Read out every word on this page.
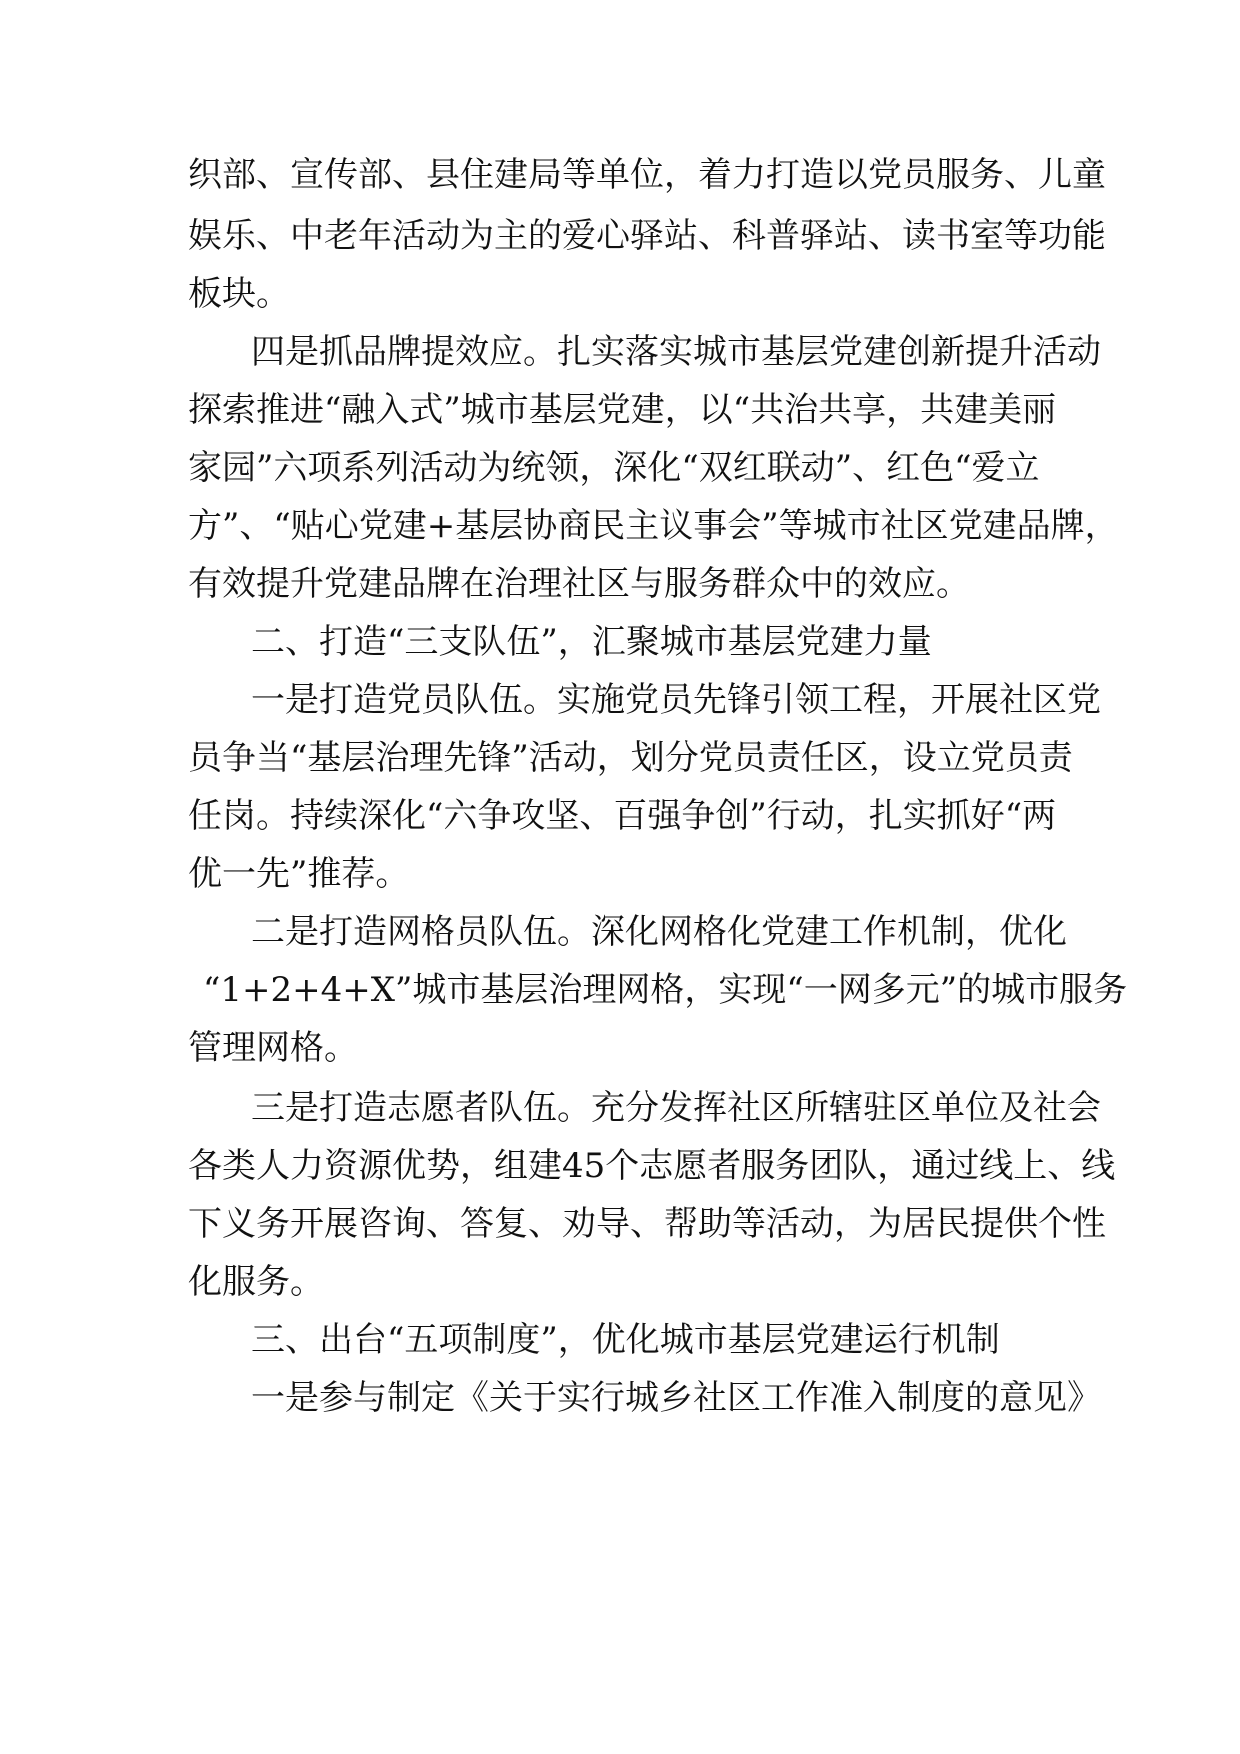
织部、宣传部、县住建局等单位，着力打造以党员服务、儿童
娱乐、中老年活动为主的爱心驿站、科普驿站、读书室等功能
板块。
四是抓品牌提效应。扎实落实城市基层党建创新提升活动
探索推进“融入式”城市基层党建，以“共治共享，共建美丽
家园”六项系列活动为统领，深化“双红联动”、红色“爱立
方”、“贴心党建+基层协商民主议事会”等城市社区党建品牌，
有效提升党建品牌在治理社区与服务群众中的效应。
二、打造“三支队伍”，汇聚城市基层党建力量
一是打造党员队伍。实施党员先锋引领工程，开展社区党
员争当“基层治理先锋”活动，划分党员责任区，设立党员责
任岗。持续深化“六争攻坚、百强争创”行动，扎实抓好“两
优一先”推荐。
二是打造网格员队伍。深化网格化党建工作机制，优化
“1+2+4+X”城市基层治理网格，实现“一网多元”的城市服务
管理网格。
三是打造志愿者队伍。充分发挥社区所辖驻区单位及社会
各类人力资源优势，组建45个志愿者服务团队，通过线上、线
下义务开展咨询、答复、劝导、帮助等活动，为居民提供个性
化服务。
三、出台“五项制度”，优化城市基层党建运行机制
一是参与制定《关于实行城乡社区工作准入制度的意见》
